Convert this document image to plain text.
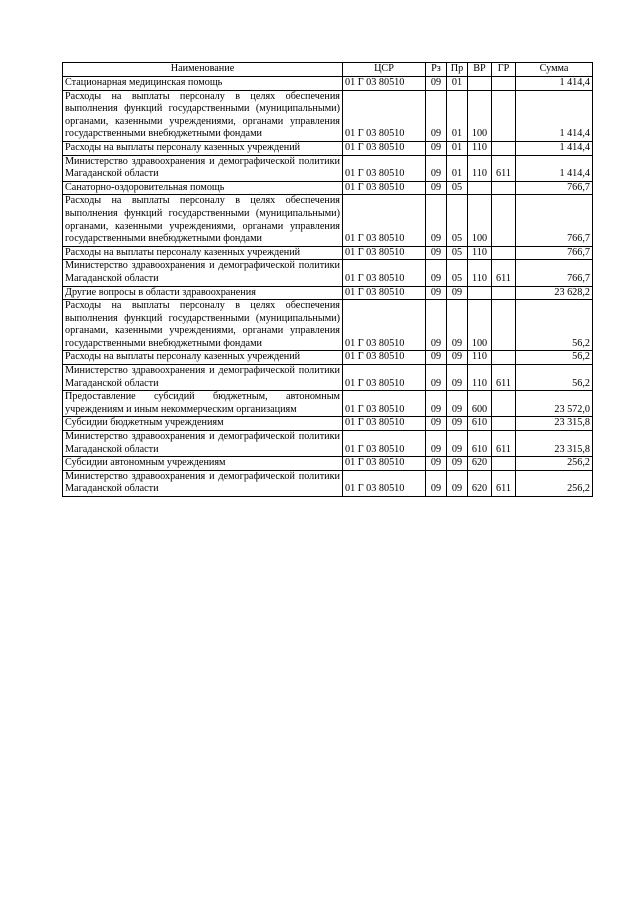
Наименование	ЦСР	Рз	Пр	ВР	ГР	Сумма
Стационарная медицинская помощь	01 Г 03 80510	09	01			1 414,4
Расходы на выплаты персоналу в целях обеспечения выполнения функций государственными (муниципальными) органами, казенными учреждениями, органами управления государственными внебюджетными фондами	01 Г 03 80510	09	01	100		1 414,4
Расходы на выплаты персоналу казенных учреждений	01 Г 03 80510	09	01	110		1 414,4
Министерство здравоохранения и демографической политики Магаданской области	01 Г 03 80510	09	01	110	611	1 414,4
Санаторно-оздоровительная помощь	01 Г 03 80510	09	05			766,7
Расходы на выплаты персоналу в целях обеспечения выполнения функций государственными (муниципальными) органами, казенными учреждениями, органами управления государственными внебюджетными фондами	01 Г 03 80510	09	05	100		766,7
Расходы на выплаты персоналу казенных учреждений	01 Г 03 80510	09	05	110		766,7
Министерство здравоохранения и демографической политики Магаданской области	01 Г 03 80510	09	05	110	611	766,7
Другие вопросы в области здравоохранения	01 Г 03 80510	09	09			23 628,2
Расходы на выплаты персоналу в целях обеспечения выполнения функций государственными (муниципальными) органами, казенными учреждениями, органами управления государственными внебюджетными фондами	01 Г 03 80510	09	09	100		56,2
Расходы на выплаты персоналу казенных учреждений	01 Г 03 80510	09	09	110		56,2
Министерство здравоохранения и демографической политики Магаданской области	01 Г 03 80510	09	09	110	611	56,2
Предоставление субсидий бюджетным, автономным учреждениям и иным некоммерческим организациям	01 Г 03 80510	09	09	600		23 572,0
Субсидии бюджетным учреждениям	01 Г 03 80510	09	09	610		23 315,8
Министерство здравоохранения и демографической политики Магаданской области	01 Г 03 80510	09	09	610	611	23 315,8
Субсидии автономным учреждениям	01 Г 03 80510	09	09	620		256,2
Министерство здравоохранения и демографической политики Магаданской области	01 Г 03 80510	09	09	620	611	256,2
